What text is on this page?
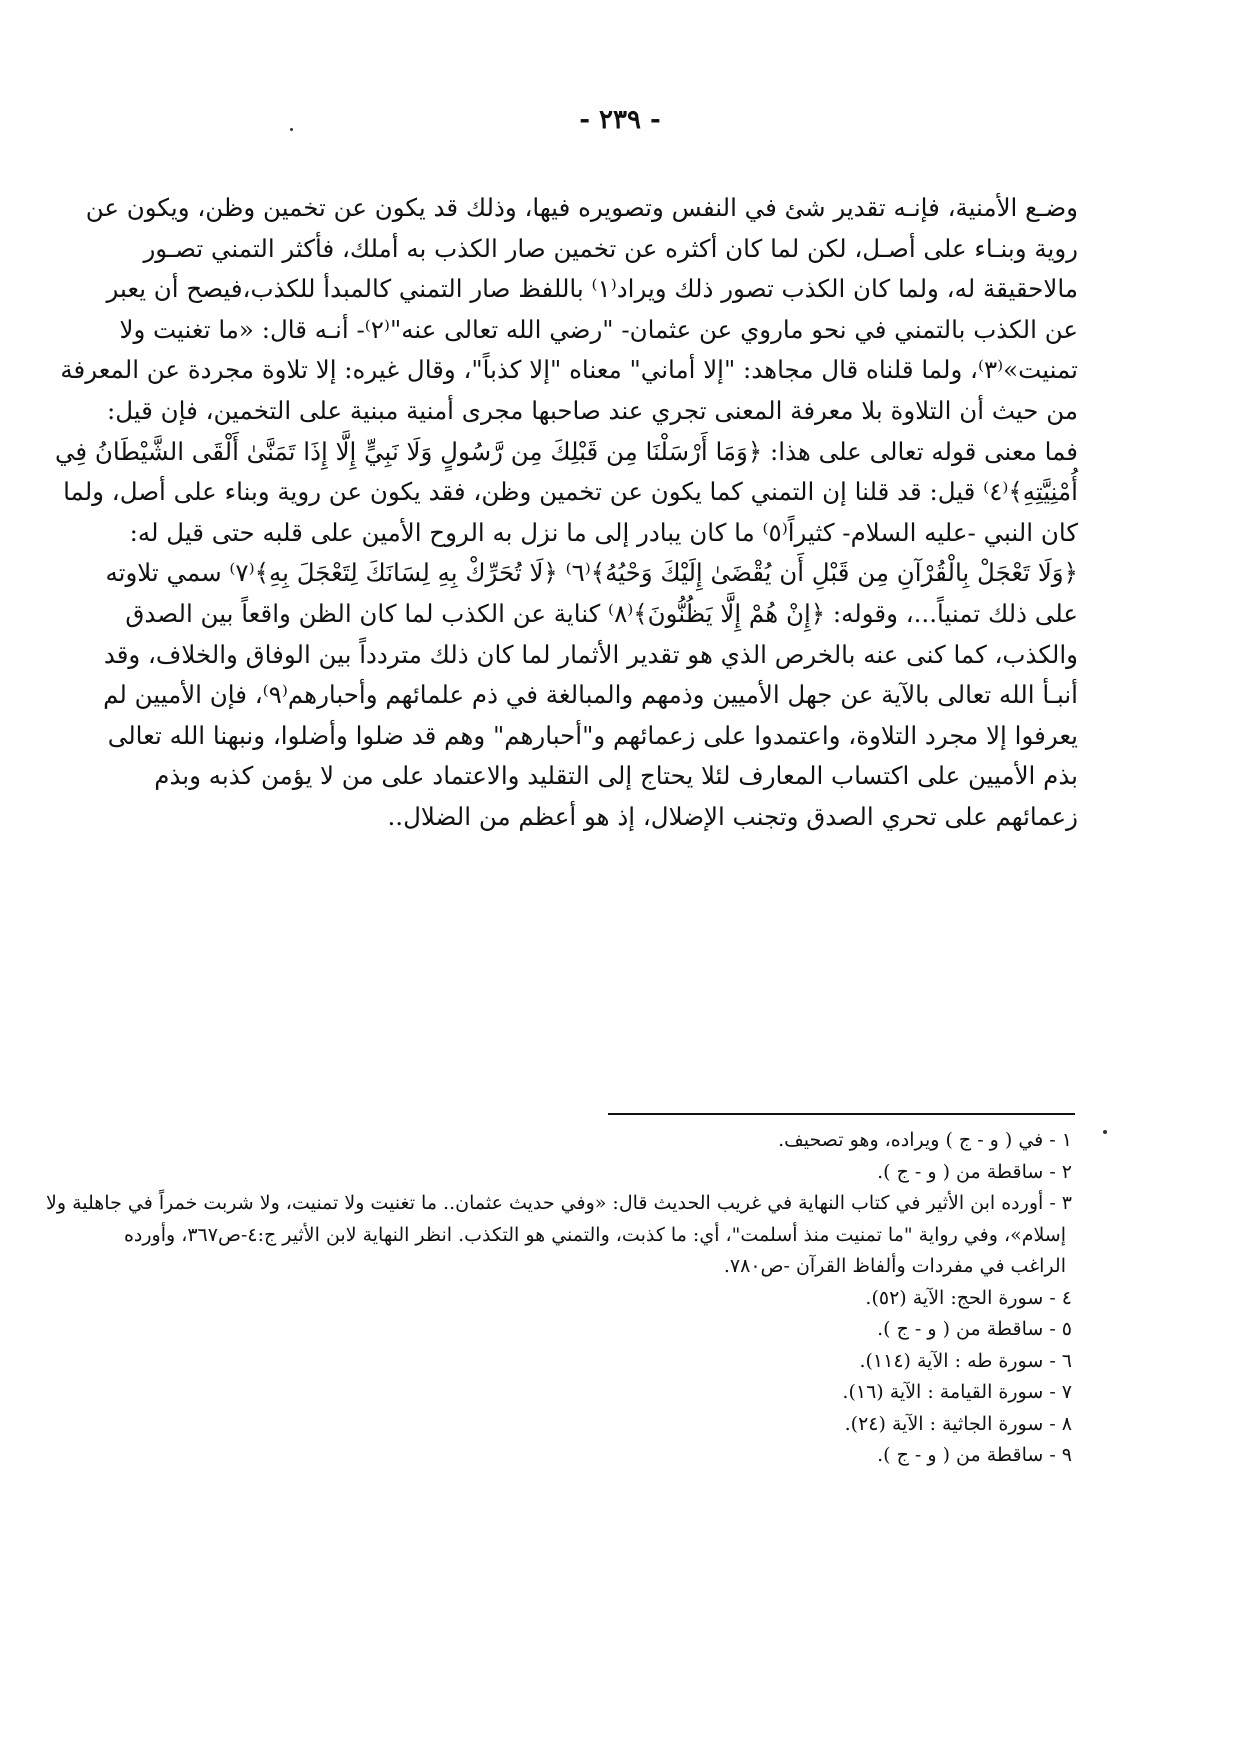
- ٢٣٩ -
وضـع الأمنية، فإنـه تقدير شئ في النفس وتصويره فيها، وذلك قد يكون عن تخمين وظن، ويكون عن
روية وبنـاء على أصـل، لكن لما كان أكثره عن تخمين صار الكذب به أملك، فأكثر التمني تصـور
مالاحقيقة له، ولما كان الكذب تصور ذلك ويراد⁽١⁾ باللفظ صار التمني كالمبدأ للكذب،فيصح أن يعبر
عن الكذب بالتمني في نحو ماروي عن عثمان- "رضي الله تعالى عنه"⁽٢⁾- أنـه قال: «ما تغنيت ولا
تمنيت»⁽٣⁾، ولما قلناه قال مجاهد: "إلا أماني" معناه "إلا كذباً"، وقال غيره: إلا تلاوة مجردة عن المعرفة
من حيث أن التلاوة بلا معرفة المعنى تجري عند صاحبها مجرى أمنية مبنية على التخمين، فإن قيل:
فما معنى قوله تعالى على هذا: ﴿وَمَا أَرْسَلْنَا مِن قَبْلِكَ مِن رَّسُولٍ وَلَا نَبِيٍّ إِلَّا إِذَا تَمَنَّىٰ أَلْقَى الشَّيْطَانُ فِي
أُمْنِيَّتِهِ﴾⁽٤⁾ قيل: قد قلنا إن التمني كما يكون عن تخمين وظن، فقد يكون عن روية وبناء على أصل، ولما
كان النبي -عليه السلام- كثيراً⁽٥⁾ ما كان يبادر إلى ما نزل به الروح الأمين على قلبه حتى قيل له:
﴿وَلَا تَعْجَلْ بِالْقُرْآنِ مِن قَبْلِ أَن يُقْضَىٰ إِلَيْكَ وَحْيُهُ﴾⁽٦⁾ ﴿لَا تُحَرِّكْ بِهِ لِسَانَكَ لِتَعْجَلَ بِهِ﴾⁽٧⁾ سمي تلاوته
على ذلك تمنياً...، وقوله: ﴿إِنْ هُمْ إِلَّا يَظُنُّونَ﴾⁽٨⁾ كناية عن الكذب لما كان الظن واقعاً بين الصدق
والكذب، كما كنى عنه بالخرص الذي هو تقدير الأثمار لما كان ذلك متردداً بين الوفاق والخلاف، وقد
أنبـأ الله تعالى بالآية عن جهل الأميين وذمهم والمبالغة في ذم علمائهم وأحبارهم⁽٩⁾، فإن الأميين لم
يعرفوا إلا مجرد التلاوة، واعتمدوا على زعمائهم و"أحبارهم" وهم قد ضلوا وأضلوا، ونبهنا الله تعالى
بذم الأميين على اكتساب المعارف لئلا يحتاج إلى التقليد والاعتماد على من لا يؤمن كذبه وبذم
زعمائهم على تحري الصدق وتجنب الإضلال، إذ هو أعظم من الضلال..
١ - في ( و - ج ) ويراده، وهو تصحيف.
٢ - ساقطة من ( و - ج ).
٣ - أورده ابن الأثير في كتاب النهاية في غريب الحديث قال: «وفي حديث عثمان.. ما تغنيت ولا تمنيت، ولا شربت خمراً في جاهلية ولا
إسلام»، وفي رواية "ما تمنيت منذ أسلمت"، أي: ما كذبت، والتمني هو التكذب. انظر النهاية لابن الأثير ج:٤-ص٣٦٧، وأورده
الراغب في مفردات وألفاظ القرآن -ص٧٨٠.
٤ - سورة الحج: الآية (٥٢).
٥ - ساقطة من ( و - ج ).
٦ - سورة طه : الآية (١١٤).
٧ - سورة القيامة : الآية (١٦).
٨ - سورة الجاثية : الآية (٢٤).
٩ - ساقطة من ( و - ج ).
